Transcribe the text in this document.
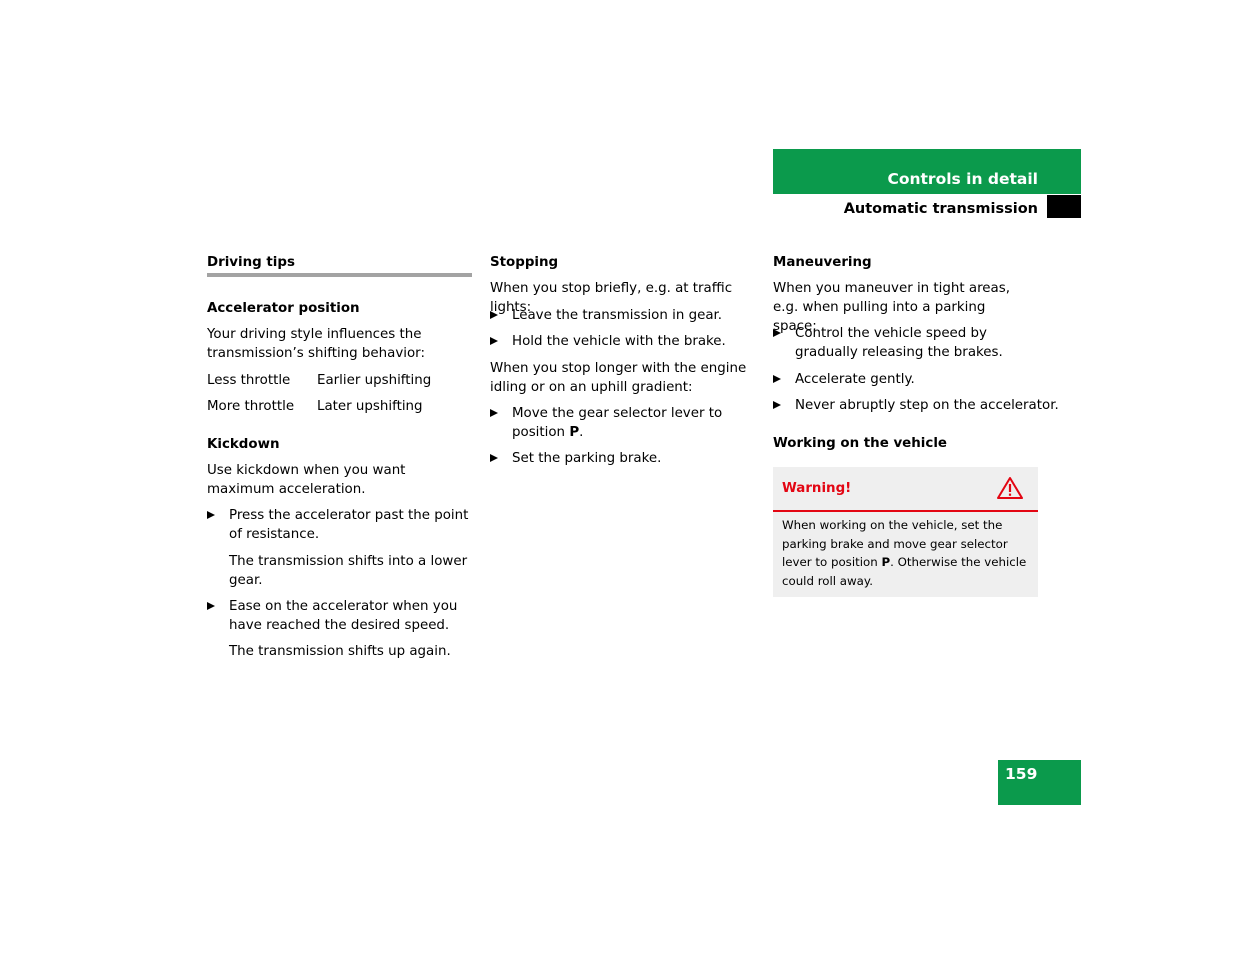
Controls in detail
Automatic transmission
Driving tips
Accelerator position
Your driving style influences the transmission’s shifting behavior:
Less throttle Earlier upshifting
More throttle Later upshifting
Kickdown
Use kickdown when you want maximum acceleration.
Press the accelerator past the point of resistance.
The transmission shifts into a lower gear.
Ease on the accelerator when you have reached the desired speed.
The transmission shifts up again.
Stopping
When you stop briefly, e.g. at traffic lights:
Leave the transmission in gear.
Hold the vehicle with the brake.
When you stop longer with the engine idling or on an uphill gradient:
Move the gear selector lever to position P.
Set the parking brake.
Maneuvering
When you maneuver in tight areas, e.g. when pulling into a parking space:
Control the vehicle speed by gradually releasing the brakes.
Accelerate gently.
Never abruptly step on the accelerator.
Working on the vehicle
Warning!
When working on the vehicle, set the parking brake and move gear selector lever to position P. Otherwise the vehicle could roll away.
159
